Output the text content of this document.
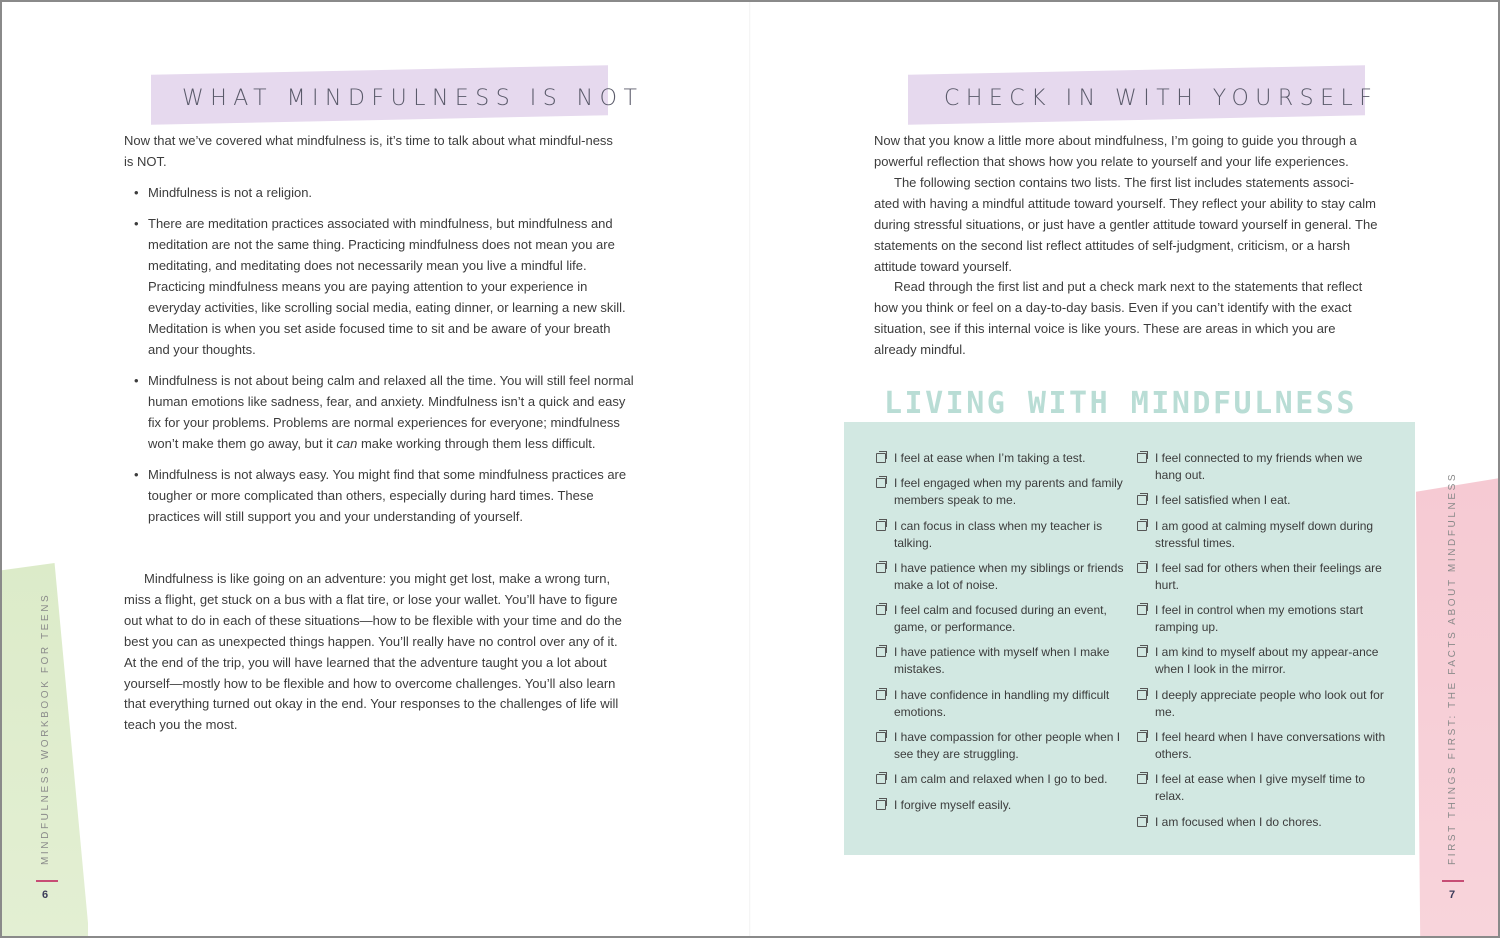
MINDFULNESS WORKBOOK FOR TEENS
6
WHAT MINDFULNESS IS NOT

Now that we’ve covered what mindfulness is, it’s time to talk about what mindful-ness is NOT.

• Mindfulness is not a religion.
• There are meditation practices associated with mindfulness, but mindfulness and meditation are not the same thing. Practicing mindfulness does not mean you are meditating, and meditating does not necessarily mean you live a mindful life. Practicing mindfulness means you are paying attention to your experience in everyday activities, like scrolling social media, eating dinner, or learning a new skill. Meditation is when you set aside focused time to sit and be aware of your breath and your thoughts.
• Mindfulness is not about being calm and relaxed all the time. You will still feel normal human emotions like sadness, fear, and anxiety. Mindfulness isn’t a quick and easy fix for your problems. Problems are normal experiences for everyone; mindfulness won’t make them go away, but it can make working through them less difficult.
• Mindfulness is not always easy. You might find that some mindfulness practices are tougher or more complicated than others, especially during hard times. These practices will still support you and your understanding of yourself.

Mindfulness is like going on an adventure: you might get lost, make a wrong turn, miss a flight, get stuck on a bus with a flat tire, or lose your wallet. You’ll have to figure out what to do in each of these situations—how to be flexible with your time and do the best you can as unexpected things happen. You’ll really have no control over any of it. At the end of the trip, you will have learned that the adventure taught you a lot about yourself—mostly how to be flexible and how to overcome challenges. You’ll also learn that everything turned out okay in the end. Your responses to the challenges of life will teach you the most.	FIRST THINGS FIRST: THE FACTS ABOUT MINDFULNESS
7
CHECK IN WITH YOURSELF

Now that you know a little more about mindfulness, I’m going to guide you through a powerful reflection that shows how you relate to yourself and your life experiences.

The following section contains two lists. The first list includes statements associ-ated with having a mindful attitude toward yourself. They reflect your ability to stay calm during stressful situations, or just have a gentler attitude toward yourself in general. The statements on the second list reflect attitudes of self-judgment, criticism, or a harsh attitude toward yourself.

Read through the first list and put a check mark next to the statements that reflect how you think or feel on a day-to-day basis. Even if you can’t identify with the exact situation, see if this internal voice is like yours. These are areas in which you are already mindful.

LIVING WITH MINDFULNESS
I feel at ease when I’m taking a test.
I feel engaged when my parents and family members speak to me.
I can focus in class when my teacher is talking.
I have patience when my siblings or friends make a lot of noise.
I feel calm and focused during an event, game, or performance.
I have patience with myself when I make mistakes.
I have confidence in handling my difficult emotions.
I have compassion for other people when I see they are struggling.
I am calm and relaxed when I go to bed.
I forgive myself easily.
I feel connected to my friends when we hang out.
I feel satisfied when I eat.
I am good at calming myself down during stressful times.
I feel sad for others when their feelings are hurt.
I feel in control when my emotions start ramping up.
I am kind to myself about my appear-ance when I look in the mirror.
I deeply appreciate people who look out for me.
I feel heard when I have conversations with others.
I feel at ease when I give myself time to relax.
I am focused when I do chores.
